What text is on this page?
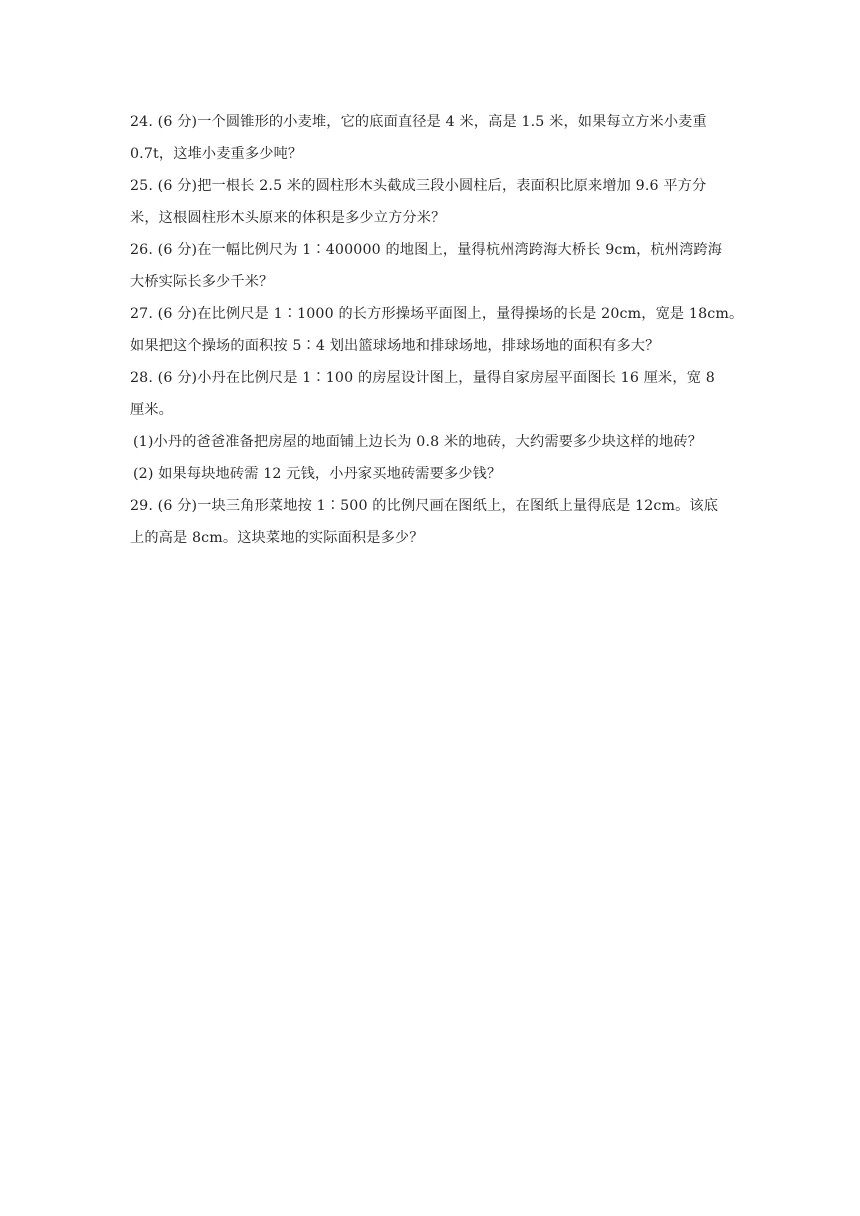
24. (6 分)一个圆锥形的小麦堆，它的底面直径是 4 米，高是 1.5 米，如果每立方米小麦重
0.7t，这堆小麦重多少吨？
25. (6 分)把一根长 2.5 米的圆柱形木头截成三段小圆柱后，表面积比原来增加 9.6 平方分
米，这根圆柱形木头原来的体积是多少立方分米？
26. (6 分)在一幅比例尺为 1∶400000 的地图上，量得杭州湾跨海大桥长 9cm，杭州湾跨海
大桥实际长多少千米？
27. (6 分)在比例尺是 1∶1000 的长方形操场平面图上，量得操场的长是 20cm，宽是 18cm。
如果把这个操场的面积按 5∶4 划出篮球场地和排球场地，排球场地的面积有多大？
28. (6 分)小丹在比例尺是 1∶100 的房屋设计图上，量得自家房屋平面图长 16 厘米，宽 8
厘米。
(1)小丹的爸爸准备把房屋的地面铺上边长为 0.8 米的地砖，大约需要多少块这样的地砖？
(2) 如果每块地砖需 12 元钱，小丹家买地砖需要多少钱？
29. (6 分)一块三角形菜地按 1∶500 的比例尺画在图纸上，在图纸上量得底是 12cm。该底
上的高是 8cm。这块菜地的实际面积是多少？
